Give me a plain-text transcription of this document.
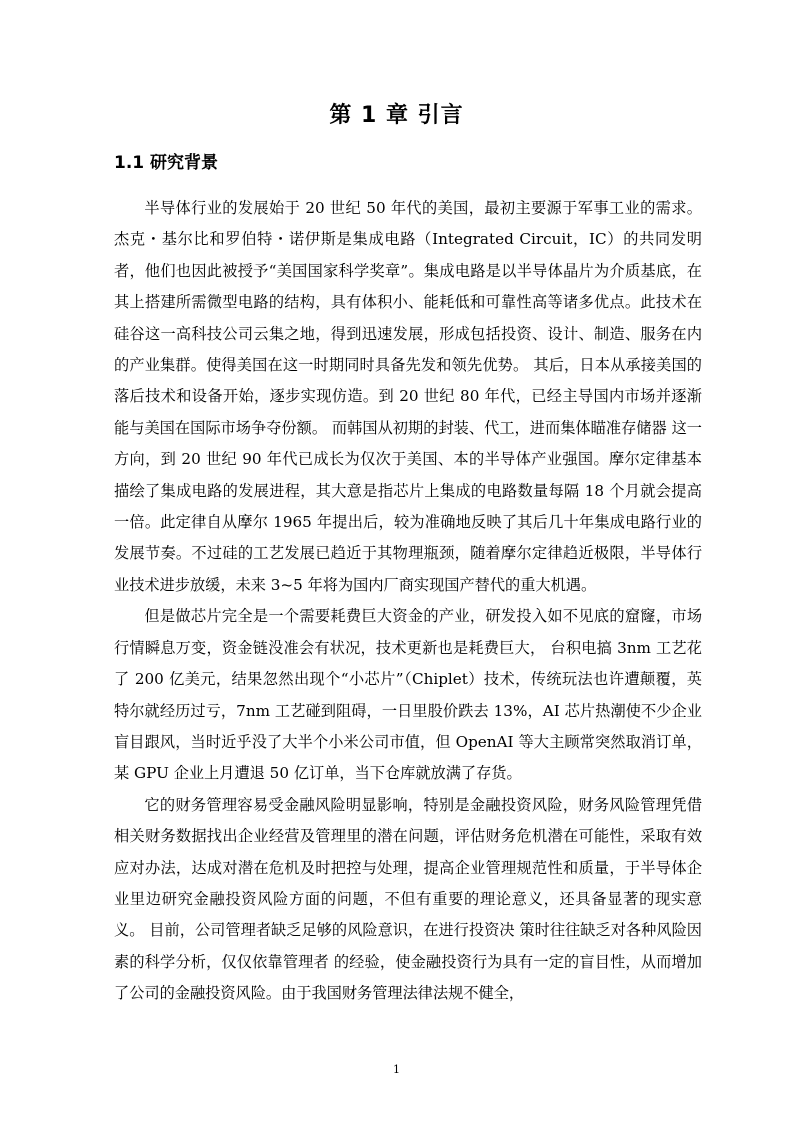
第 1 章 引言
1.1 研究背景

半导体行业的发展始于 20 世纪 50 年代的美国，最初主要源于军事工业的需求。杰克・基尔比和罗伯特・诺伊斯是集成电路（Integrated Circuit，IC）的共同发明者，他们也因此被授予“美国国家科学奖章”。集成电路是以半导体晶片为介质基底，在其上搭建所需微型电路的结构，具有体积小、能耗低和可靠性高等诸多优点。此技术在硅谷这一高科技公司云集之地，得到迅速发展，形成包括投资、设计、制造、服务在内的产业集群。使得美国在这一时期同时具备先发和领先优势。 其后，日本从承接美国的落后技术和设备开始，逐步实现仿造。到 20 世纪 80 年代，已经主导国内市场并逐渐能与美国在国际市场争夺份额。 而韩国从初期的封装、代工，进而集体瞄准存储器 这一方向，到 20 世纪 90 年代已成长为仅次于美国、本的半导体产业强国。摩尔定律基本描绘了集成电路的发展进程，其大意是指芯片上集成的电路数量每隔 18 个月就会提高一倍。此定律自从摩尔 1965 年提出后，较为准确地反映了其后几十年集成电路行业的发展节奏。不过硅的工艺发展已趋近于其物理瓶颈，随着摩尔定律趋近极限，半导体行业技术进步放缓，未来 3~5 年将为国内厂商实现国产替代的重大机遇。

但是做芯片完全是一个需要耗费巨大资金的产业，研发投入如不见底的窟窿，市场行情瞬息万变，资金链没准会有状况，技术更新也是耗费巨大， 台积电搞 3nm 工艺花了 200 亿美元，结果忽然出现个“小芯片”（Chiplet）技术，传统玩法也许遭颠覆，英特尔就经历过亏，7nm 工艺碰到阻碍，一日里股价跌去 13%，AI 芯片热潮使不少企业盲目跟风，当时近乎没了大半个小米公司市值，但 OpenAI 等大主顾常突然取消订单，某 GPU 企业上月遭退 50 亿订单，当下仓库就放满了存货。

它的财务管理容易受金融风险明显影响，特别是金融投资风险，财务风险管理凭借相关财务数据找出企业经营及管理里的潜在问题，评估财务危机潜在可能性，采取有效应对办法，达成对潜在危机及时把控与处理，提高企业管理规范性和质量，于半导体企业里边研究金融投资风险方面的问题，不但有重要的理论意义，还具备显著的现实意义。 目前，公司管理者缺乏足够的风险意识，在进行投资决 策时往往缺乏对各种风险因素的科学分析，仅仅依靠管理者 的经验，使金融投资行为具有一定的盲目性，从而增加了公司的金融投资风险。由于我国财务管理法律法规不健全，

1
